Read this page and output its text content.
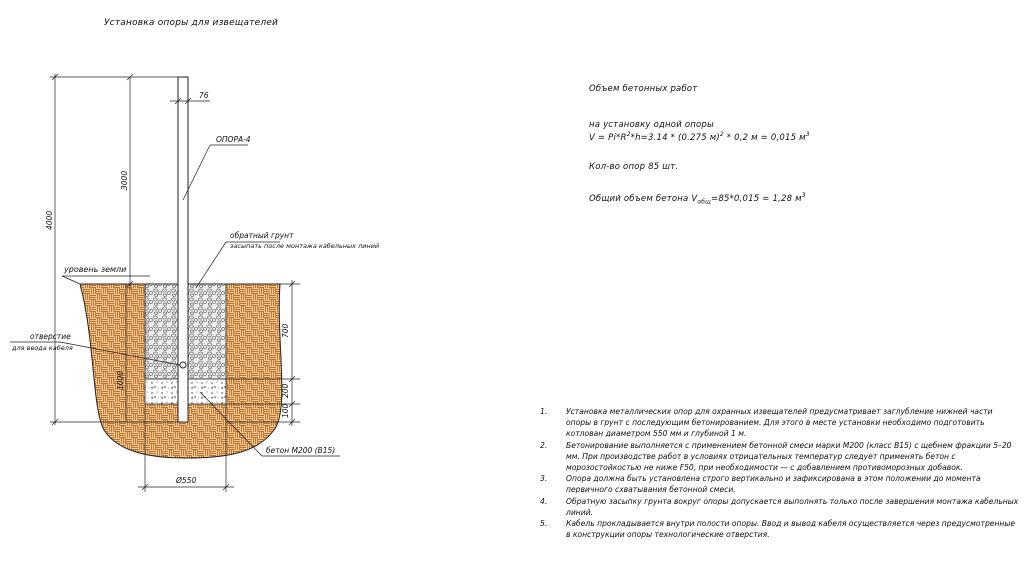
Установка опоры для извещателей
76
ОПОРА-4
4000
3000
уровень земли
обратный грунт
засыпать после монтажа кабельных линий
отверстие
для ввода кабеля
1000
700
200
100
бетон М200 (В15)
Ø550
Объем бетонных работ
на установку одной опоры
$V = Pi*R^2*h=3.14 * (0.275$ м)$^2$ * 0,2 м = 0,015 $м^3$
Кол-во опор 85 шт.
Общий объем бетона $V_{общ}=85*0,015 = 1,28$ $м^3$
1.	Установка металлических опор для охранных извещателей предусматривает заглубление нижней части опоры в грунт с последующим бетонированием. Для этого в месте установки необходимо подготовить котлован диаметром 550 мм и глубиной 1 м.
2.	Бетонирование выполняется с применением бетонной смеси марки М200 (класс В15) с щебнем фракции 5–20 мм. При производстве работ в условиях отрицательных температур следует применять бетон с морозостойкостью не ниже F50, при необходимости — с добавлением противоморозных добавок.
3.	Опора должна быть установлена строго вертикально и зафиксирована в этом положении до момента первичного схватывания бетонной смеси.
4.	Обратную засыпку грунта вокруг опоры допускается выполнять только после завершения монтажа кабельных линий.
5.	Кабель прокладывается внутри полости опоры. Ввод и вывод кабеля осуществляется через предусмотренные в конструкции опоры технологические отверстия.
